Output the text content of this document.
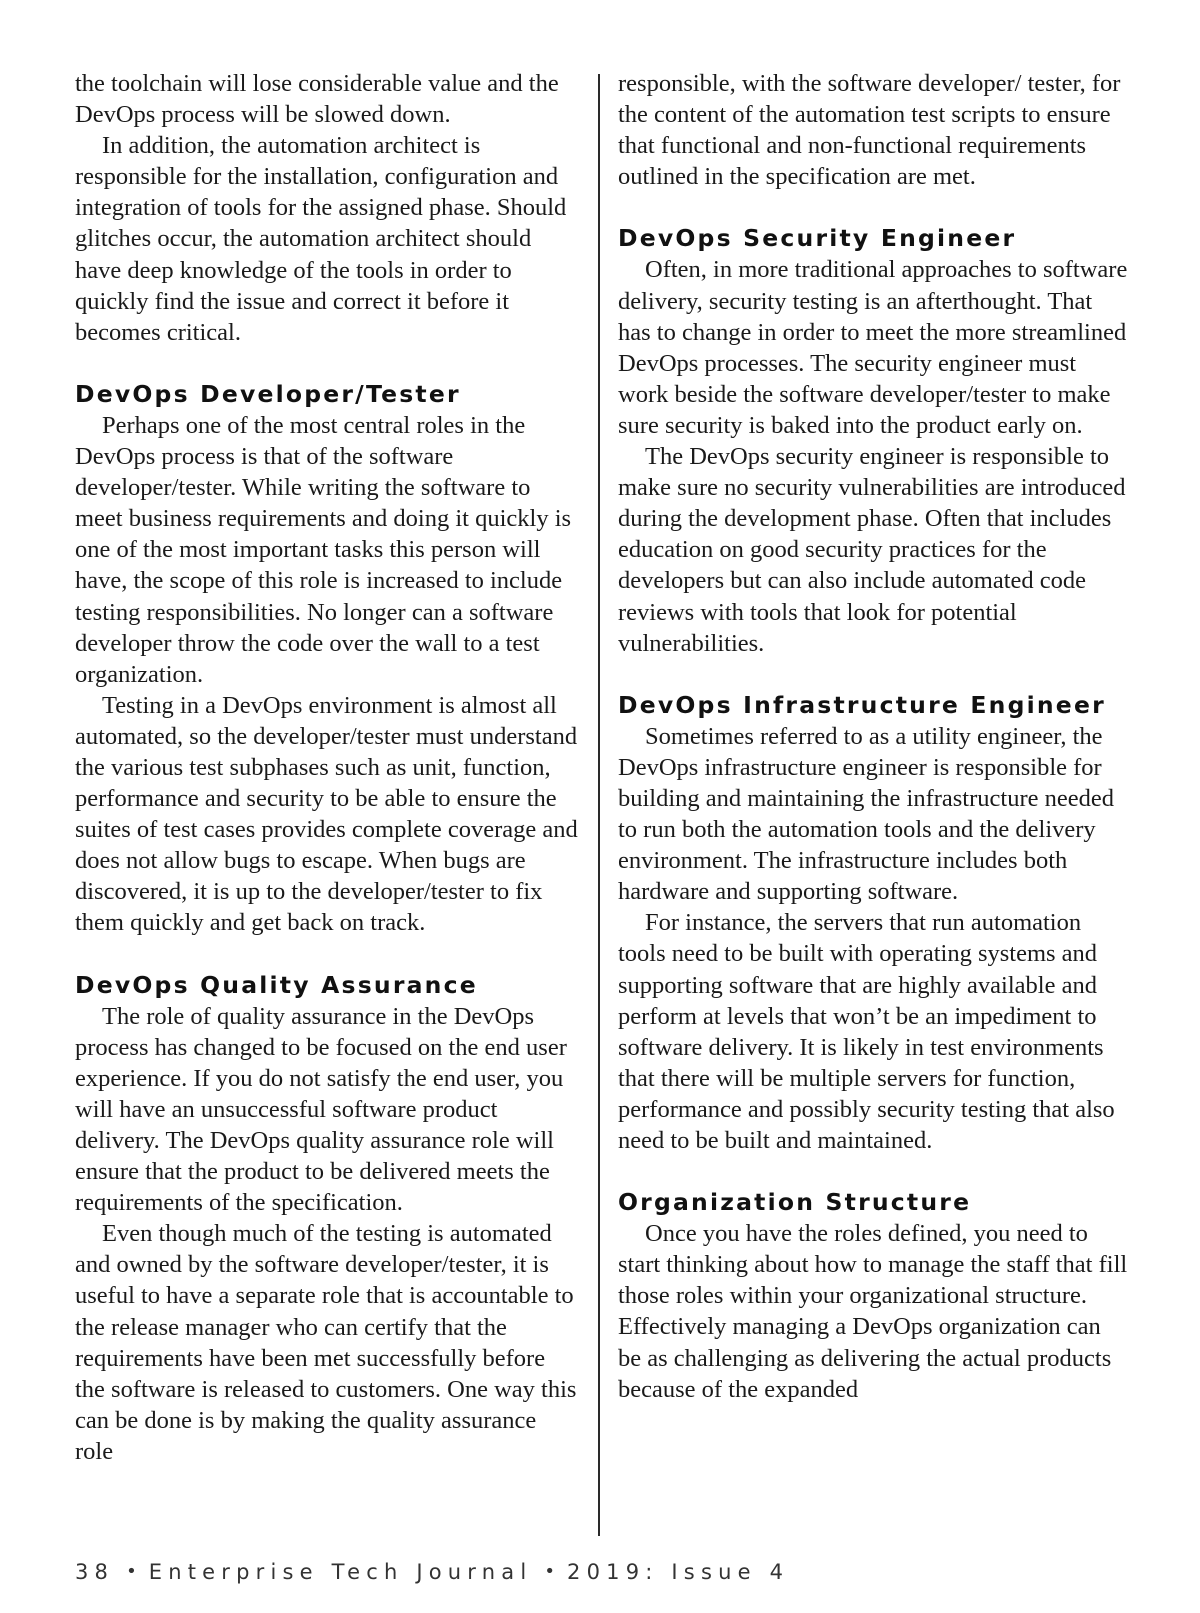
the toolchain will lose considerable value and the DevOps process will be slowed down.

In addition, the automation architect is responsible for the installation, configuration and integration of tools for the assigned phase. Should glitches occur, the automation architect should have deep knowledge of the tools in order to quickly find the issue and correct it before it becomes critical.

DevOps Developer/Tester

Perhaps one of the most central roles in the DevOps process is that of the software developer/tester. While writing the software to meet business requirements and doing it quickly is one of the most important tasks this person will have, the scope of this role is increased to include testing responsibilities. No longer can a software developer throw the code over the wall to a test organization.

Testing in a DevOps environment is almost all automated, so the developer/tester must understand the various test subphases such as unit, function, performance and security to be able to ensure the suites of test cases provides complete coverage and does not allow bugs to escape. When bugs are discovered, it is up to the developer/tester to fix them quickly and get back on track.

DevOps Quality Assurance

The role of quality assurance in the DevOps process has changed to be focused on the end user experience. If you do not satisfy the end user, you will have an unsuccessful software product delivery. The DevOps quality assurance role will ensure that the product to be delivered meets the requirements of the specification.

Even though much of the testing is automated and owned by the software developer/tester, it is useful to have a separate role that is accountable to the release manager who can certify that the requirements have been met successfully before the software is released to customers. One way this can be done is by making the quality assurance role

responsible, with the software developer/ tester, for the content of the automation test scripts to ensure that functional and non-functional requirements outlined in the specification are met.

DevOps Security Engineer

Often, in more traditional approaches to software delivery, security testing is an afterthought. That has to change in order to meet the more streamlined DevOps processes. The security engineer must work beside the software developer/tester to make sure security is baked into the product early on.

The DevOps security engineer is responsible to make sure no security vulnerabilities are introduced during the development phase. Often that includes education on good security practices for the developers but can also include automated code reviews with tools that look for potential vulnerabilities.

DevOps Infrastructure Engineer

Sometimes referred to as a utility engineer, the DevOps infrastructure engineer is responsible for building and maintaining the infrastructure needed to run both the automation tools and the delivery environment. The infrastructure includes both hardware and supporting software.

For instance, the servers that run automation tools need to be built with operating systems and supporting software that are highly available and perform at levels that won’t be an impediment to software delivery. It is likely in test environments that there will be multiple servers for function, performance and possibly security testing that also need to be built and maintained.

Organization Structure

Once you have the roles defined, you need to start thinking about how to manage the staff that fill those roles within your organizational structure. Effectively managing a DevOps organization can be as challenging as delivering the actual products because of the expanded

38 • Enterprise Tech Journal • 2019: Issue 4
